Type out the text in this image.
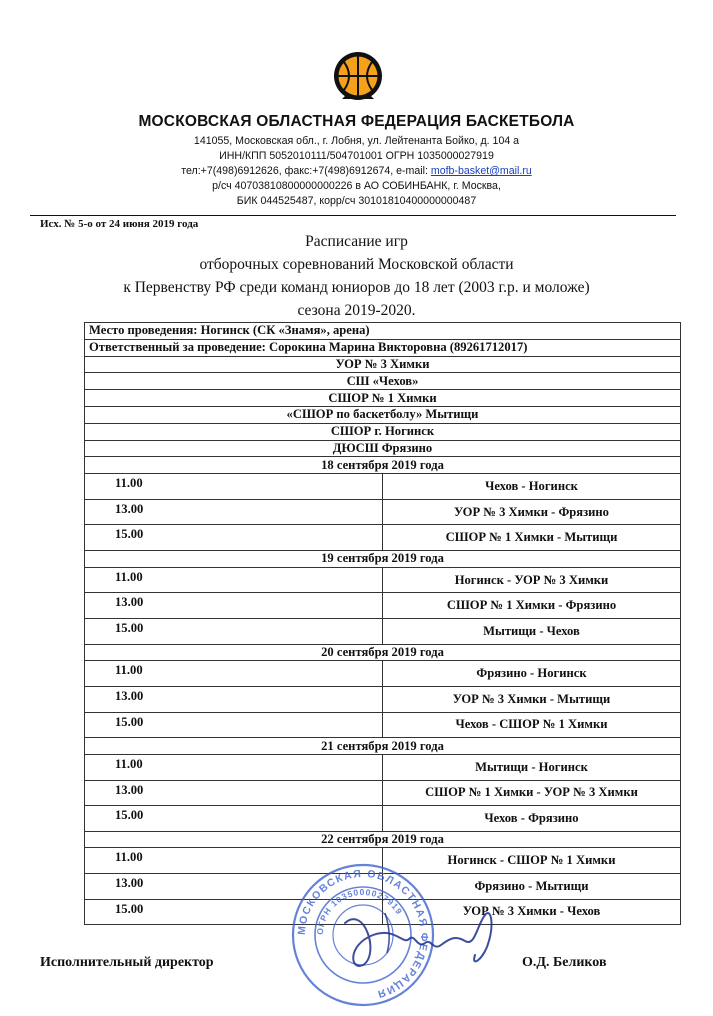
МОСКОВСКАЯ ОБЛАСТНАЯ ФЕДЕРАЦИЯ БАСКЕТБОЛА
141055, Московская обл., г. Лобня, ул. Лейтенанта Бойко, д. 104 а
ИНН/КПП 5052010111/504701001 ОГРН 1035000027919
тел:+7(498)6912626, факс:+7(498)6912674, e-mail: mofb-basket@mail.ru
р/сч 40703810800000000226 в АО СОБИНБАНК, г. Москва,
БИК 044525487, корр/сч 30101810400000000487
Исх. № 5-о от 24 июня 2019 года
Расписание игр
отборочных соревнований Московской области
к Первенству РФ среди команд юниоров до 18 лет (2003 г.р. и моложе)
сезона 2019-2020.
Место проведения: Ногинск (СК «Знамя», арена)	
Ответственный за проведение: Сорокина Марина Викторовна (89261712017)	
УОР № 3 Химки	
СШ «Чехов»	
СШОР № 1 Химки	
«СШОР по баскетболу» Мытищи	
СШОР г. Ногинск	
ДЮСШ Фрязино	
18 сентября 2019 года	
11.00	Чехов - Ногинск
13.00	УОР № 3 Химки - Фрязино
15.00	СШОР № 1 Химки - Мытищи
19 сентября 2019 года	
11.00	Ногинск - УОР № 3 Химки
13.00	СШОР № 1 Химки - Фрязино
15.00	Мытищи - Чехов
20 сентября 2019 года	
11.00	Фрязино - Ногинск
13.00	УОР № 3 Химки - Мытищи
15.00	Чехов - СШОР № 1 Химки
21 сентября 2019 года	
11.00	Мытищи - Ногинск
13.00	СШОР № 1 Химки - УОР № 3 Химки
15.00	Чехов - Фрязино
22 сентября 2019 года	
11.00	Ногинск - СШОР № 1 Химки
13.00	Фрязино - Мытищи
15.00	УОР № 3 Химки - Чехов
Исполнительный директор	О.Д. Беликов
МОСКОВСКАЯ ОБЛАСТНАЯ ФЕДЕРАЦИЯ
ОГРН 1035000027919
